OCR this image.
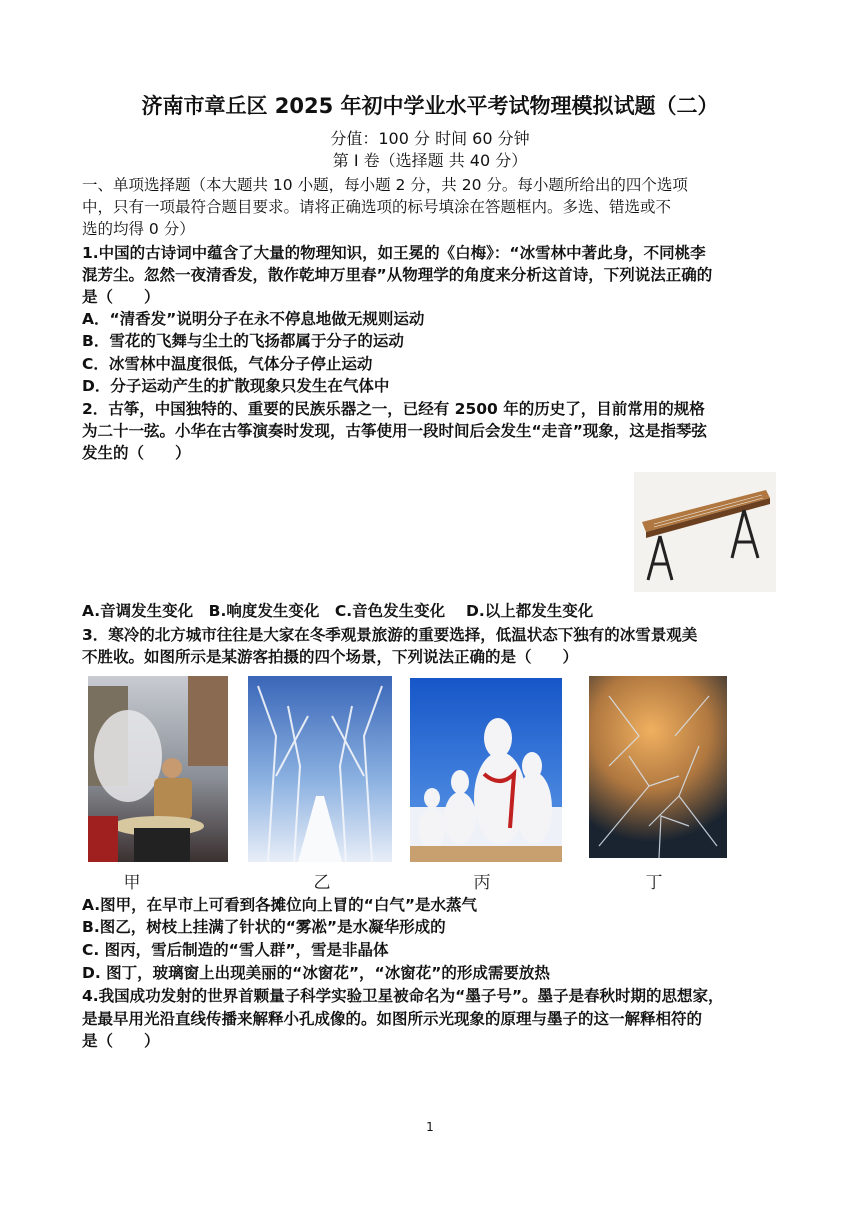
济南市章丘区 2025 年初中学业水平考试物理模拟试题（二）
分值：100 分 时间 60 分钟
第 I 卷（选择题 共 40 分）
一、单项选择题（本大题共 10 小题，每小题 2 分，共 20 分。每小题所给出的四个选项
中，只有一项最符合题目要求。请将正确选项的标号填涂在答题框内。多选、错选或不
选的均得 0 分）
1.中国的古诗词中蕴含了大量的物理知识，如王冕的《白梅》：“冰雪林中著此身，不同桃李
混芳尘。忽然一夜清香发，散作乾坤万里春”从物理学的角度来分析这首诗，下列说法正确的
是（　　）
A．“清香发”说明分子在永不停息地做无规则运动
B．雪花的飞舞与尘土的飞扬都属于分子的运动
C．冰雪林中温度很低，气体分子停止运动
D．分子运动产生的扩散现象只发生在气体中
2．古筝，中国独特的、重要的民族乐器之一，已经有 2500 年的历史了，目前常用的规格
为二十一弦。小华在古筝演奏时发现，古筝使用一段时间后会发生“走音”现象，这是指琴弦
发生的（　　）
A.音调发生变化　B.响度发生变化　C.音色发生变化　 D.以上都发生变化
3．寒冷的北方城市往往是大家在冬季观景旅游的重要选择，低温状态下独有的冰雪景观美
不胜收。如图所示是某游客拍摄的四个场景，下列说法正确的是（　　）
甲	乙	丙	丁
A.图甲，在早市上可看到各摊位向上冒的“白气”是水蒸气
B.图乙，树枝上挂满了针状的“雾凇”是水凝华形成的
C. 图丙，雪后制造的“雪人群”，雪是非晶体
D. 图丁，玻璃窗上出现美丽的“冰窗花”，“冰窗花”的形成需要放热
4.我国成功发射的世界首颗量子科学实验卫星被命名为“墨子号”。墨子是春秋时期的思想家，
是最早用光沿直线传播来解释小孔成像的。如图所示光现象的原理与墨子的这一解释相符的
是（　　）
1
